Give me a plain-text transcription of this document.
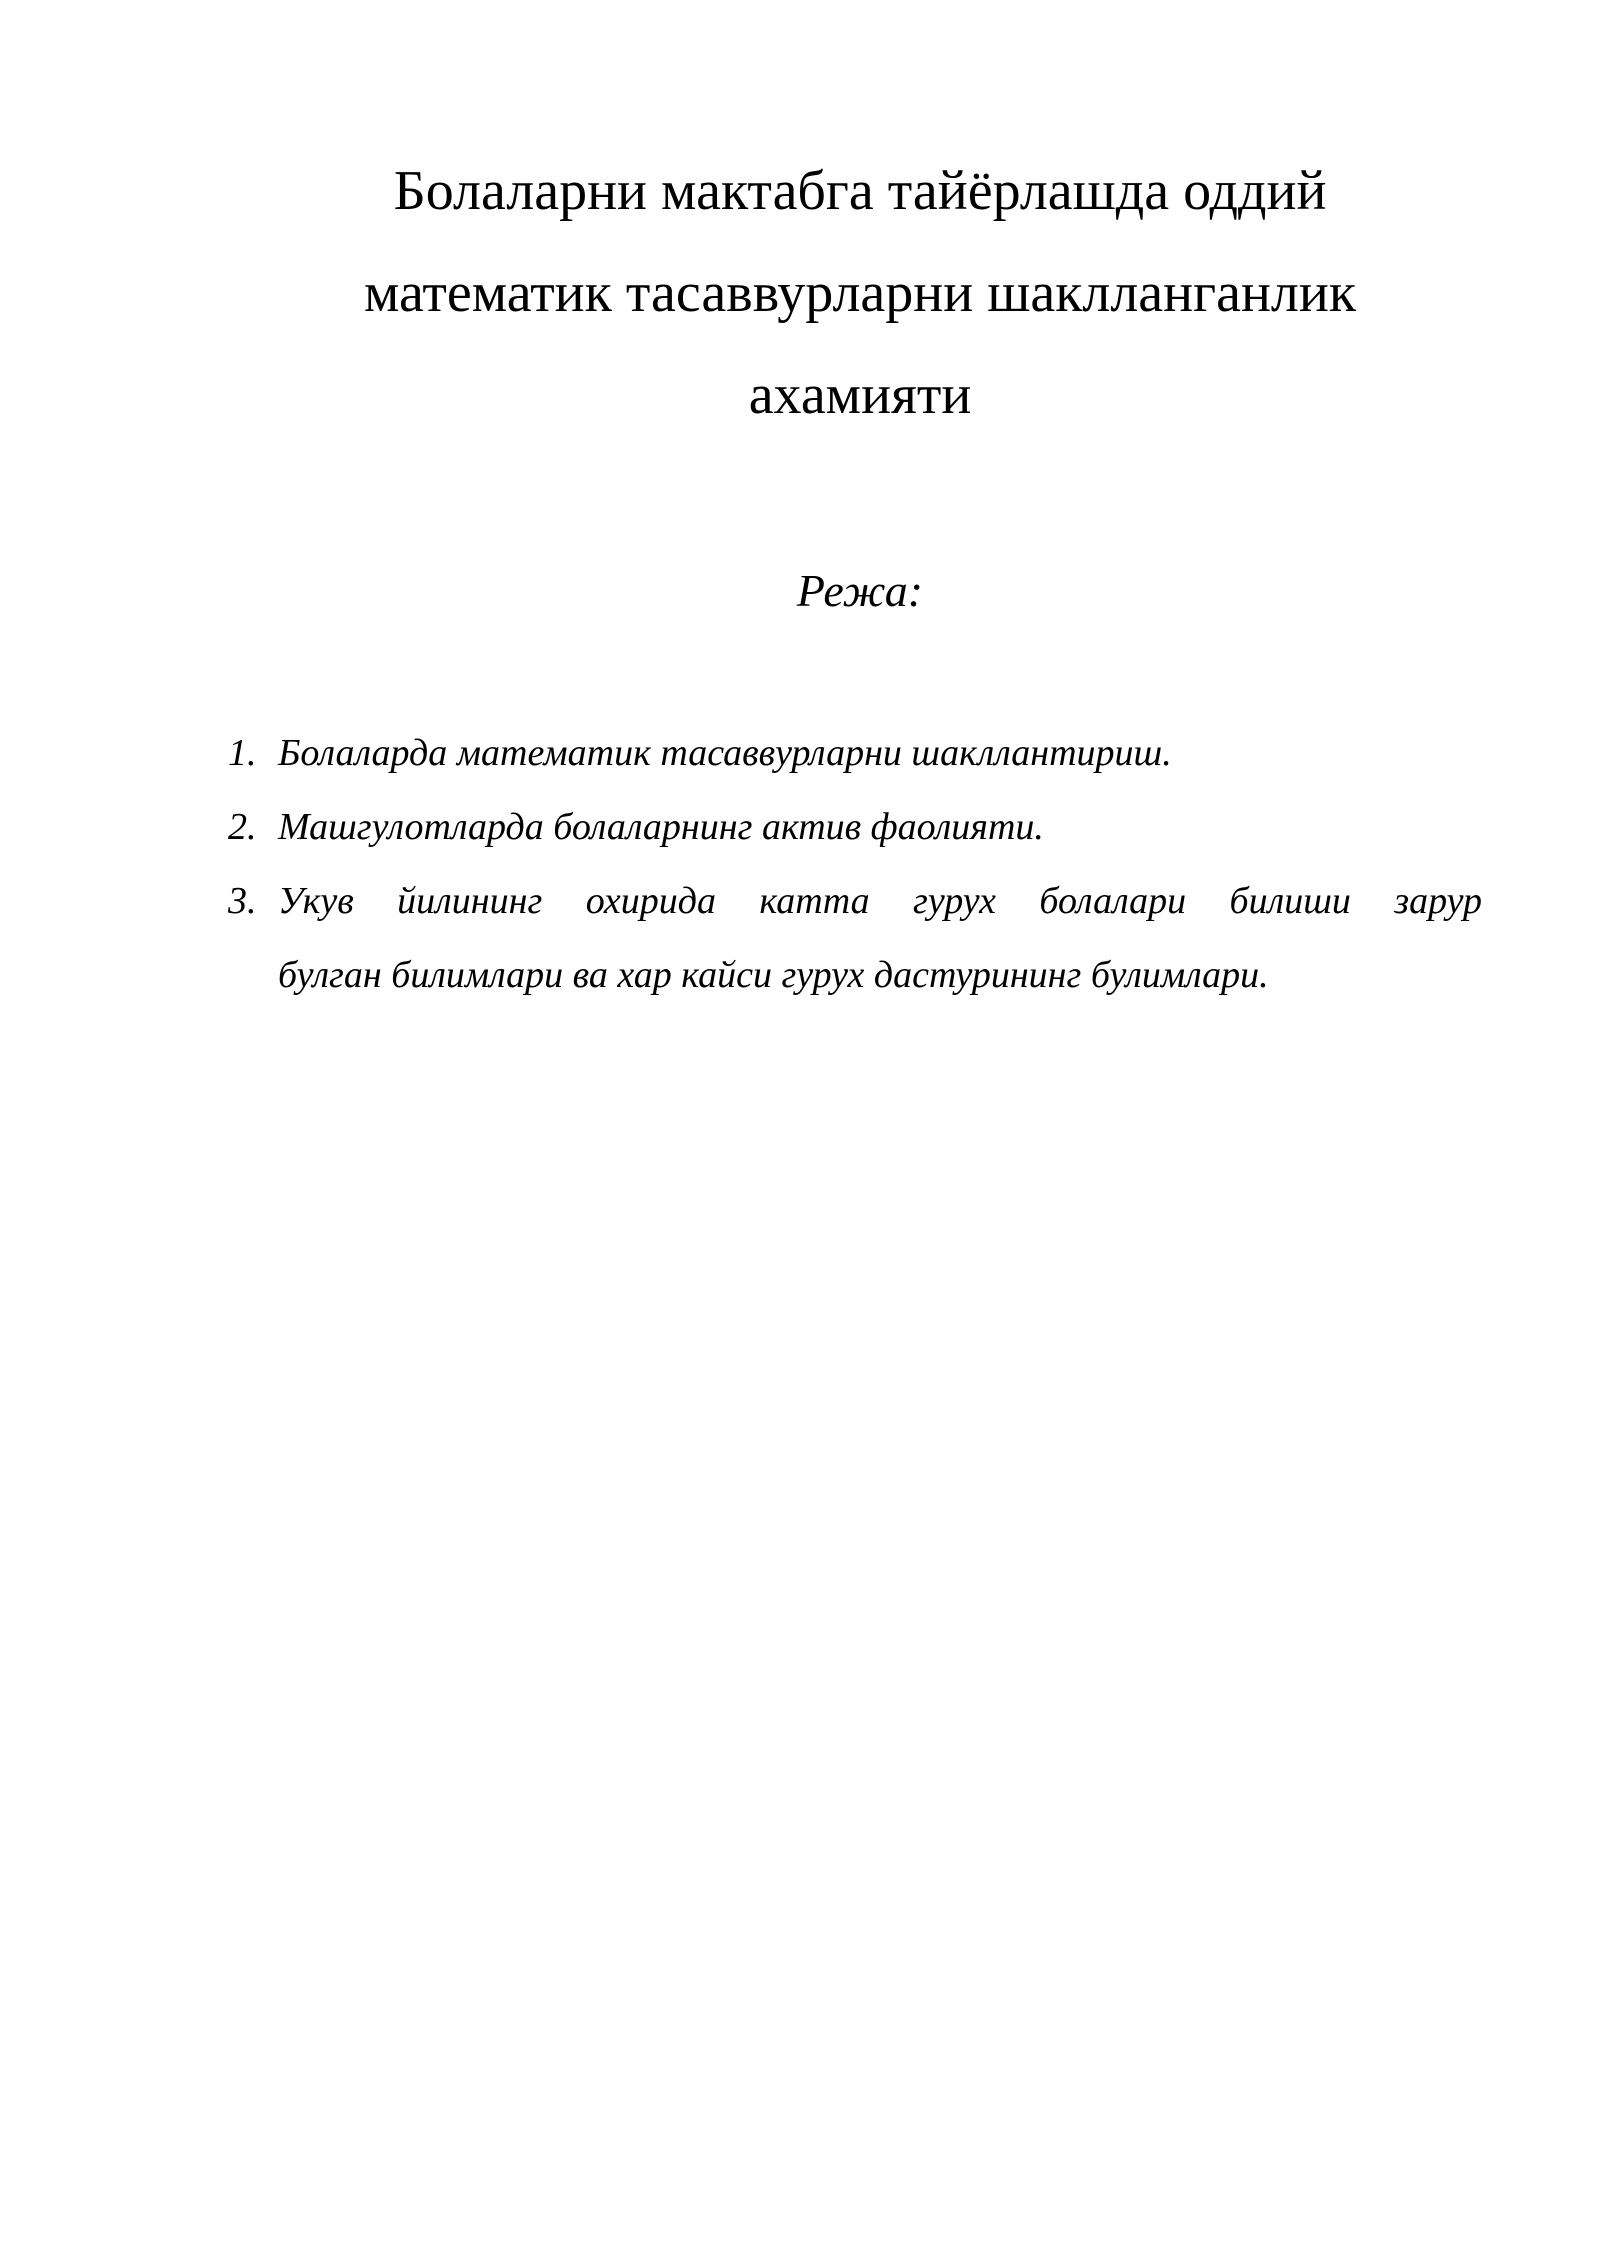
Болаларни мактабга тайёрлашда оддий
математик тасаввурларни шаклланганлик
ахамияти
Режа:
1. Болаларда математик тасаввурларни шакллантириш.
2. Машгулотларда болаларнинг актив фаолияти.
3. Укув йилининг охирида катта гурух болалари билиши зарур
булган билимлари ва хар кайси гурух дастурининг булимлари.
